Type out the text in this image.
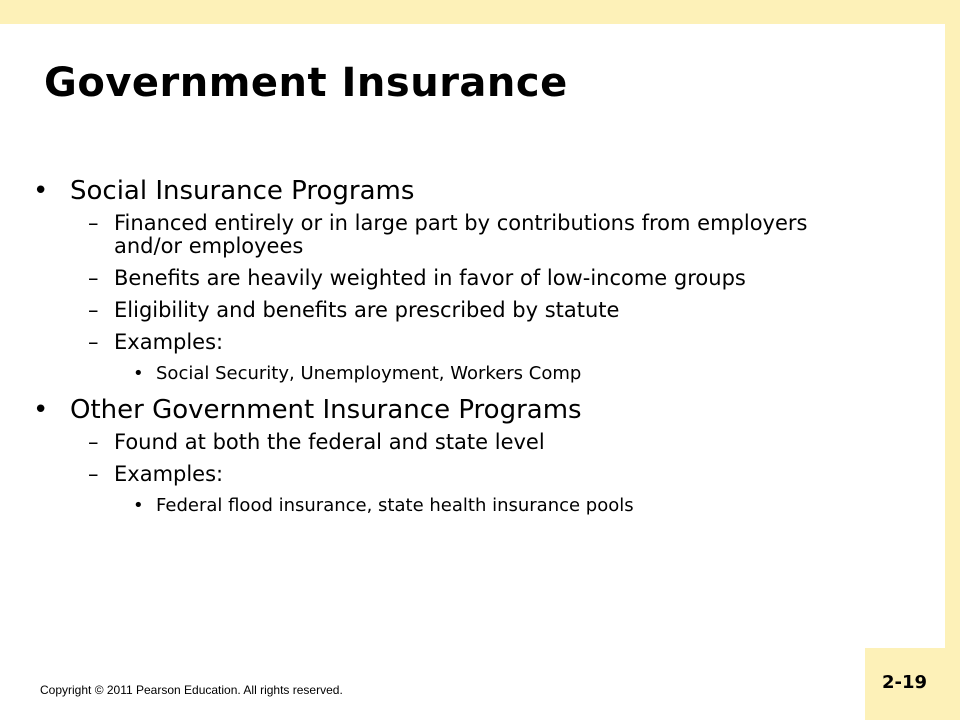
Government Insurance
• Social Insurance Programs
– Financed entirely or in large part by contributions from employers and/or employees
– Benefits are heavily weighted in favor of low-income groups
– Eligibility and benefits are prescribed by statute
– Examples:
• Social Security, Unemployment, Workers Comp
• Other Government Insurance Programs
– Found at both the federal and state level
– Examples:
• Federal flood insurance, state health insurance pools
Copyright © 2011 Pearson Education. All rights reserved.	2-19
